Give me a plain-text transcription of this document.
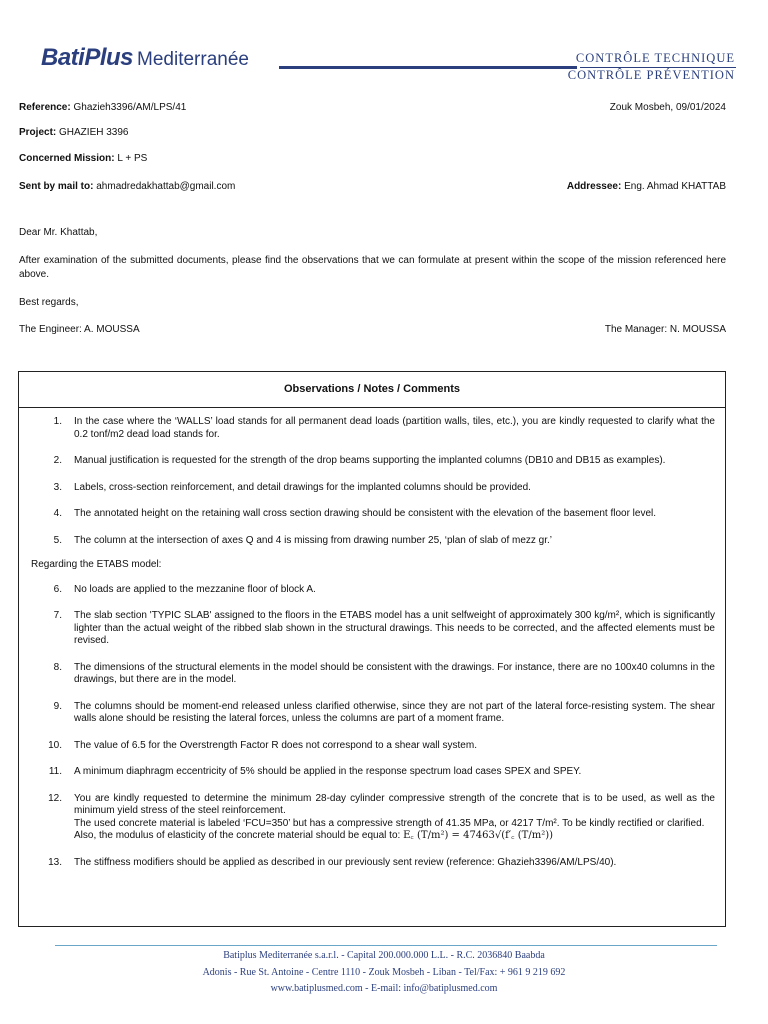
BatiPlus Mediterranée	CONTRÔLE TECHNIQUE
CONTRÔLE PRÉVENTION
Reference: Ghazieh3396/AM/LPS/41	Zouk Mosbeh, 09/01/2024
Project: GHAZIEH 3396
Concerned Mission: L + PS
Sent by mail to: ahmadredakhattab@gmail.com	Addressee: Eng. Ahmad KHATTAB
Dear Mr. Khattab,
After examination of the submitted documents, please find the observations that we can formulate at present within the scope of the mission referenced here above.
Best regards,
The Engineer: A. MOUSSA	The Manager: N. MOUSSA
Observations / Notes / Comments
1.	In the case where the ‘WALLS’ load stands for all permanent dead loads (partition walls, tiles, etc.), you are kindly requested to clarify what the 0.2 tonf/m2 dead load stands for.
2.	Manual justification is requested for the strength of the drop beams supporting the implanted columns (DB10 and DB15 as examples).
3.	Labels, cross-section reinforcement, and detail drawings for the implanted columns should be provided.
4.	The annotated height on the retaining wall cross section drawing should be consistent with the elevation of the basement floor level.
5.	The column at the intersection of axes Q and 4 is missing from drawing number 25, ‘plan of slab of mezz gr.’
Regarding the ETABS model:
6.	No loads are applied to the mezzanine floor of block A.
7.	The slab section 'TYPIC SLAB' assigned to the floors in the ETABS model has a unit selfweight of approximately 300 kg/m², which is significantly lighter than the actual weight of the ribbed slab shown in the structural drawings. This needs to be corrected, and the affected elements must be revised.
8.	The dimensions of the structural elements in the model should be consistent with the drawings. For instance, there are no 100x40 columns in the drawings, but there are in the model.
9.	The columns should be moment-end released unless clarified otherwise, since they are not part of the lateral force-resisting system. The shear walls alone should be resisting the lateral forces, unless the columns are part of a moment frame.
10.	The value of 6.5 for the Overstrength Factor R does not correspond to a shear wall system.
11.	A minimum diaphragm eccentricity of 5% should be applied in the response spectrum load cases SPEX and SPEY.
12.	You are kindly requested to determine the minimum 28-day cylinder compressive strength of the concrete that is to be used, as well as the minimum yield stress of the steel reinforcement.
The used concrete material is labeled ‘FCU=350’ but has a compressive strength of 41.35 MPa, or 4217 T/m². To be kindly rectified or clarified.
Also, the modulus of elasticity of the concrete material should be equal to: E꜀ (T/m²) = 47463√(f′꜀ (T/m²))
13.	The stiffness modifiers should be applied as described in our previously sent review (reference: Ghazieh3396/AM/LPS/40).
Batiplus Mediterranée s.a.r.l. - Capital 200.000.000 L.L. - R.C. 2036840 Baabda
Adonis - Rue St. Antoine - Centre 1110 - Zouk Mosbeh - Liban - Tel/Fax: + 961 9 219 692
www.batiplusmed.com - E-mail: info@batiplusmed.com
